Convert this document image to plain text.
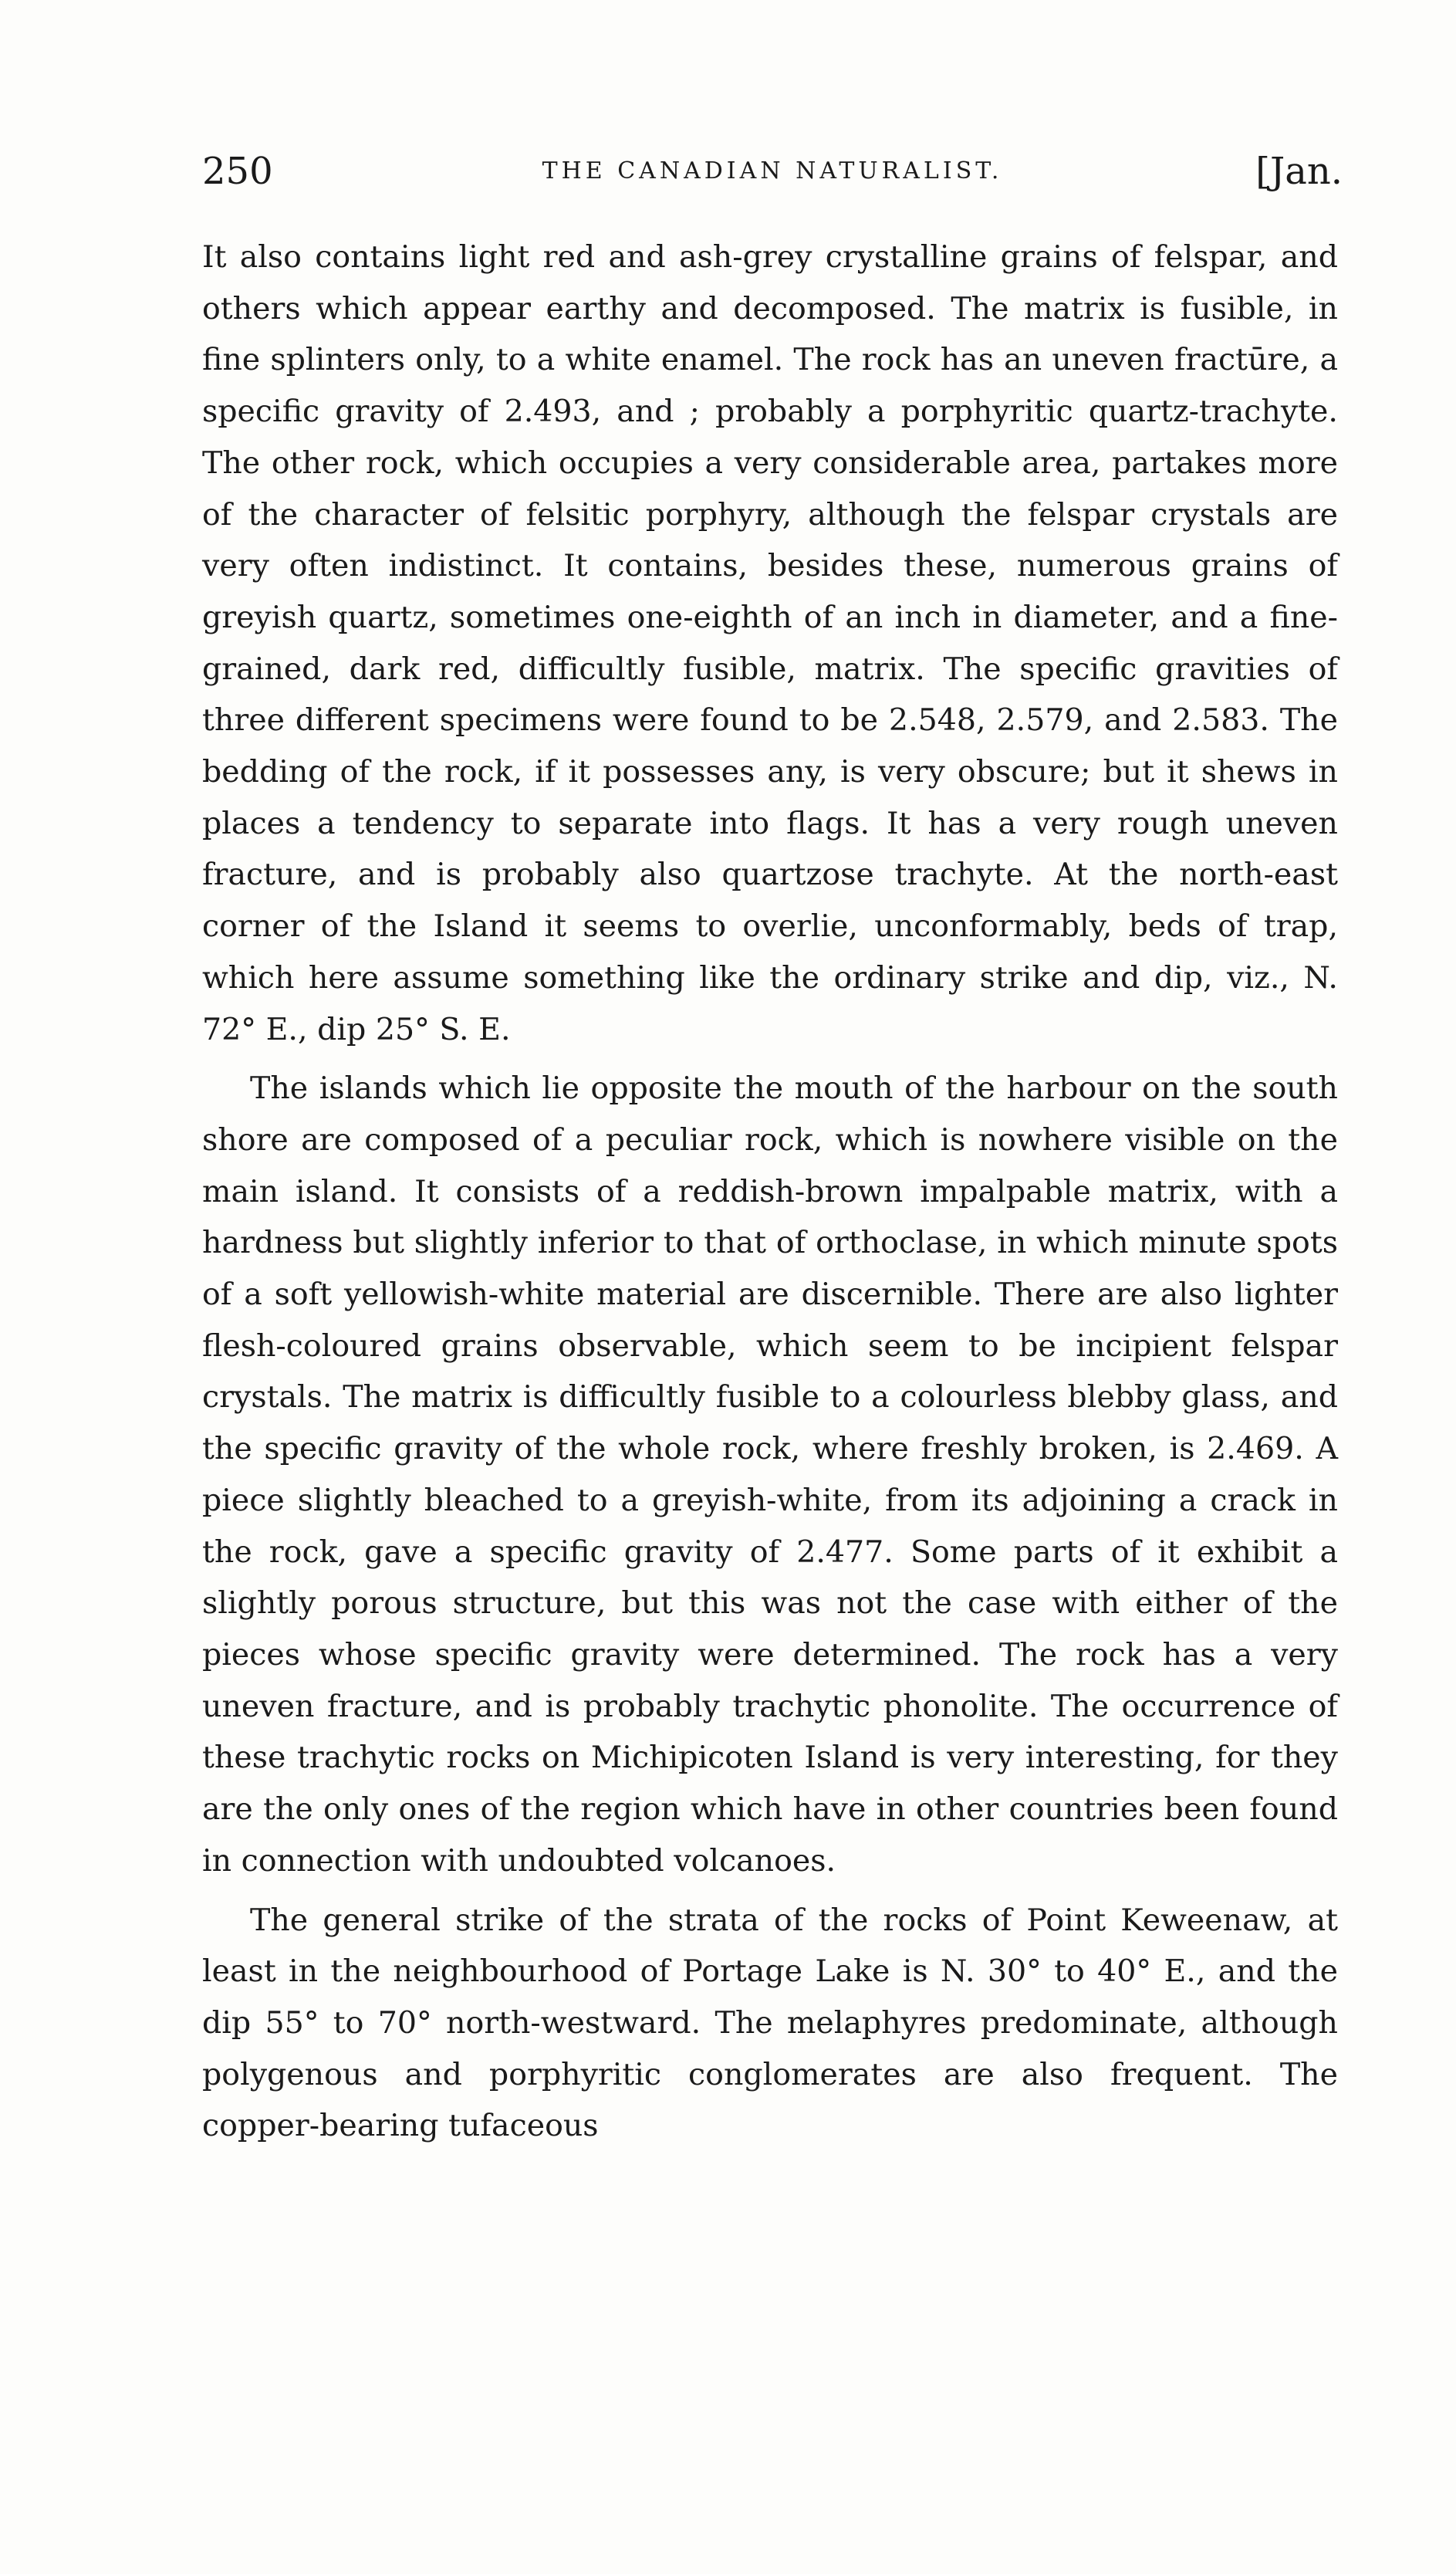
250	THE CANADIAN NATURALIST.	[Jan.

It also contains light red and ash-grey crystalline grains of felspar, and others which appear earthy and decomposed. The matrix is fusible, in fine splinters only, to a white enamel. The rock has an uneven fractūre, a specific gravity of 2.493, and ; probably a porphyritic quartz-trachyte. The other rock, which occupies a very considerable area, partakes more of the character of felsitic porphyry, although the felspar crystals are very often indistinct. It contains, besides these, numerous grains of greyish quartz, sometimes one-eighth of an inch in diameter, and a fine-grained, dark red, difficultly fusible, matrix. The specific gravities of three different specimens were found to be 2.548, 2.579, and 2.583. The bedding of the rock, if it possesses any, is very obscure; but it shews in places a tendency to separate into flags. It has a very rough uneven fracture, and is probably also quartzose trachyte. At the north-east corner of the Island it seems to overlie, unconformably, beds of trap, which here assume something like the ordinary strike and dip, viz., N. 72° E., dip 25° S. E.

The islands which lie opposite the mouth of the harbour on the south shore are composed of a peculiar rock, which is nowhere visible on the main island. It consists of a reddish-brown impalpable matrix, with a hardness but slightly inferior to that of orthoclase, in which minute spots of a soft yellowish-white material are discernible. There are also lighter flesh-coloured grains observable, which seem to be incipient felspar crystals. The matrix is difficultly fusible to a colourless blebby glass, and the specific gravity of the whole rock, where freshly broken, is 2.469. A piece slightly bleached to a greyish-white, from its adjoining a crack in the rock, gave a specific gravity of 2.477. Some parts of it exhibit a slightly porous structure, but this was not the case with either of the pieces whose specific gravity were determined. The rock has a very uneven fracture, and is probably trachytic phonolite. The occurrence of these trachytic rocks on Michipicoten Island is very interesting, for they are the only ones of the region which have in other countries been found in connection with undoubted volcanoes.

The general strike of the strata of the rocks of Point Keweenaw, at least in the neighbourhood of Portage Lake is N. 30° to 40° E., and the dip 55° to 70° north-westward. The melaphyres predominate, although polygenous and porphyritic conglomerates are also frequent. The copper-bearing tufaceous
